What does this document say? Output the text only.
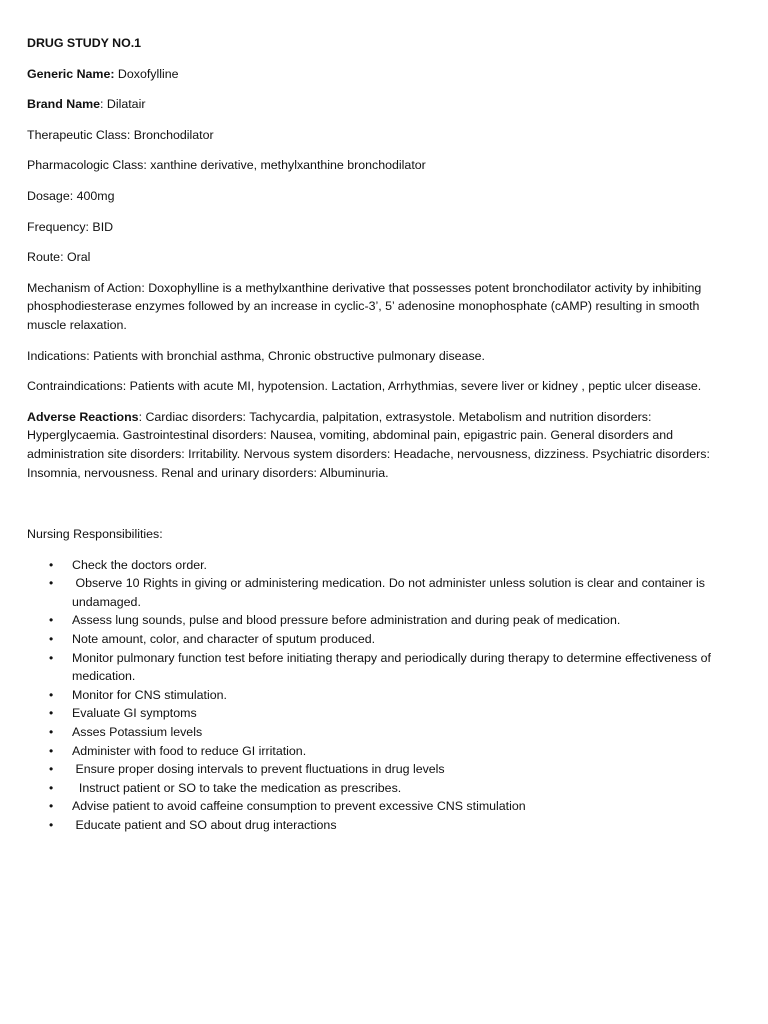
DRUG STUDY NO.1
Generic Name: Doxofylline
Brand Name: Dilatair
Therapeutic Class: Bronchodilator
Pharmacologic Class: xanthine derivative, methylxanthine bronchodilator
Dosage: 400mg
Frequency: BID
Route: Oral
Mechanism of Action: Doxophylline is a methylxanthine derivative that possesses potent bronchodilator activity by inhibiting phosphodiesterase enzymes followed by an increase in cyclic-3’, 5’ adenosine monophosphate (cAMP) resulting in smooth muscle relaxation.
Indications: Patients with bronchial asthma, Chronic obstructive pulmonary disease.
Contraindications: Patients with acute MI, hypotension. Lactation, Arrhythmias, severe liver or kidney , peptic ulcer disease.
Adverse Reactions: Cardiac disorders: Tachycardia, palpitation, extrasystole. Metabolism and nutrition disorders: Hyperglycaemia. Gastrointestinal disorders: Nausea, vomiting, abdominal pain, epigastric pain. General disorders and administration site disorders: Irritability. Nervous system disorders: Headache, nervousness, dizziness. Psychiatric disorders: Insomnia, nervousness. Renal and urinary disorders: Albuminuria.
Nursing Responsibilities:
• Check the doctors order.
• Observe 10 Rights in giving or administering medication. Do not administer unless solution is clear and container is undamaged.
• Assess lung sounds, pulse and blood pressure before administration and during peak of medication.
• Note amount, color, and character of sputum produced.
• Monitor pulmonary function test before initiating therapy and periodically during therapy to determine effectiveness of medication.
• Monitor for CNS stimulation.
• Evaluate GI symptoms
• Asses Potassium levels
• Administer with food to reduce GI irritation.
• Ensure proper dosing intervals to prevent fluctuations in drug levels
• Instruct patient or SO to take the medication as prescribes.
• Advise patient to avoid caffeine consumption to prevent excessive CNS stimulation
• Educate patient and SO about drug interactions
